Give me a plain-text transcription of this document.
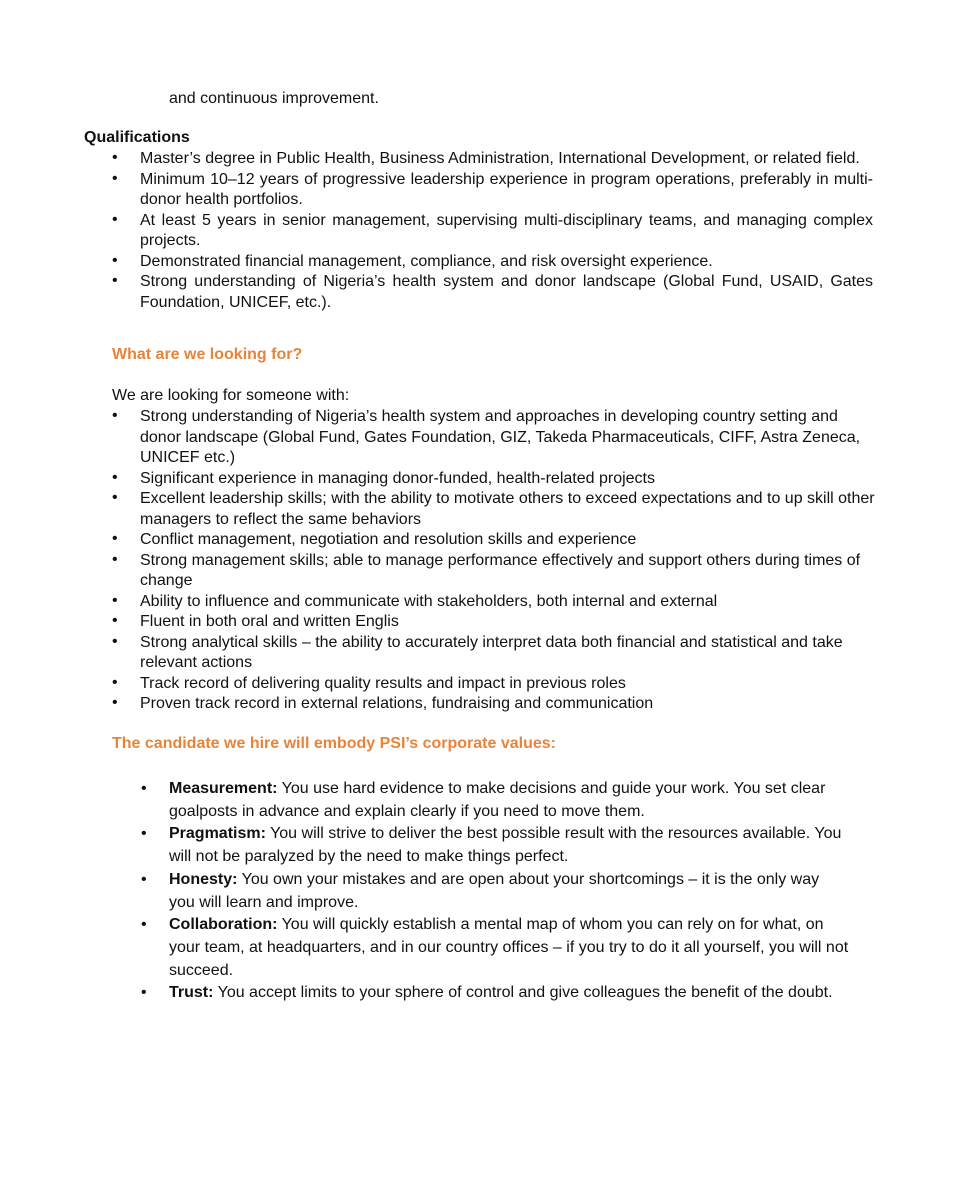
and continuous improvement.
Qualifications
• Master’s degree in Public Health, Business Administration, International Development, or related field.
• Minimum 10–12 years of progressive leadership experience in program operations, preferably in multi-donor health portfolios.
• At least 5 years in senior management, supervising multi-disciplinary teams, and managing complex projects.
• Demonstrated financial management, compliance, and risk oversight experience.
• Strong understanding of Nigeria’s health system and donor landscape (Global Fund, USAID, Gates Foundation, UNICEF, etc.).
What are we looking for?
We are looking for someone with:
• Strong understanding of Nigeria’s health system and approaches in developing country setting and donor landscape (Global Fund, Gates Foundation, GIZ, Takeda Pharmaceuticals, CIFF, Astra Zeneca, UNICEF etc.)
• Significant experience in managing donor-funded, health-related projects
• Excellent leadership skills; with the ability to motivate others to exceed expectations and to up skill other managers to reflect the same behaviors
• Conflict management, negotiation and resolution skills and experience
• Strong management skills; able to manage performance effectively and support others during times of change
• Ability to influence and communicate with stakeholders, both internal and external
• Fluent in both oral and written Englis
• Strong analytical skills – the ability to accurately interpret data both financial and statistical and take relevant actions
• Track record of delivering quality results and impact in previous roles
• Proven track record in external relations, fundraising and communication
The candidate we hire will embody PSI’s corporate values:
• Measurement: You use hard evidence to make decisions and guide your work. You set clear goalposts in advance and explain clearly if you need to move them.
• Pragmatism: You will strive to deliver the best possible result with the resources available. You will not be paralyzed by the need to make things perfect.
• Honesty: You own your mistakes and are open about your shortcomings – it is the only way you will learn and improve.
• Collaboration: You will quickly establish a mental map of whom you can rely on for what, on your team, at headquarters, and in our country offices – if you try to do it all yourself, you will not succeed.
• Trust: You accept limits to your sphere of control and give colleagues the benefit of the doubt.
